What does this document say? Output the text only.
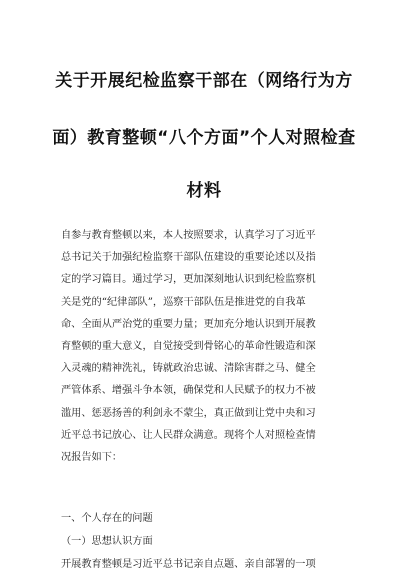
关于开展纪检监察干部在（网络行为方
面）教育整顿“八个方面”个人对照检查
材料
自参与教育整顿以来，本人按照要求，认真学习了习近平
总书记关于加强纪检监察干部队伍建设的重要论述以及指
定的学习篇目。通过学习，更加深刻地认识到纪检监察机
关是党的“纪律部队”，巡察干部队伍是推进党的自我革
命、全面从严治党的重要力量；更加充分地认识到开展教
育整顿的重大意义，自觉接受到骨铭心的革命性锻造和深
入灵魂的精神洗礼，铸就政治忠诚、清除害群之马、健全
严管体系、增强斗争本领，确保党和人民赋予的权力不被
滥用、惩恶扬善的利剑永不蒙尘，真正做到让党中央和习
近平总书记放心、让人民群众满意。现将个人对照检查情
况报告如下：
一、个人存在的问题
（一）思想认识方面
开展教育整顿是习近平总书记亲自点题、亲自部署的一项
